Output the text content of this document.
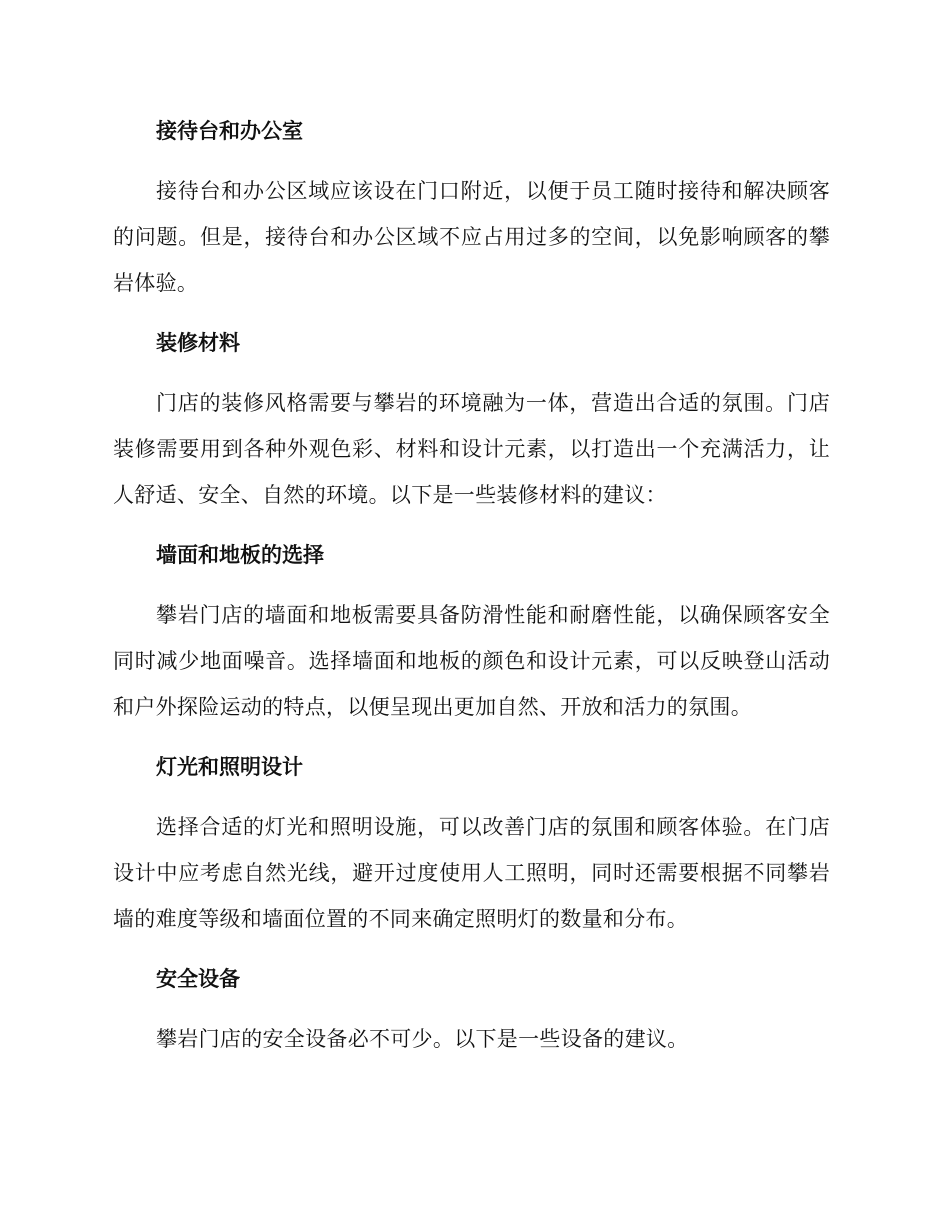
接待台和办公室

接待台和办公区域应该设在门口附近，以便于员工随时接待和解决顾客的问题。但是，接待台和办公区域不应占用过多的空间，以免影响顾客的攀岩体验。

装修材料

门店的装修风格需要与攀岩的环境融为一体，营造出合适的氛围。门店装修需要用到各种外观色彩、材料和设计元素，以打造出一个充满活力，让人舒适、安全、自然的环境。以下是一些装修材料的建议：

墙面和地板的选择

攀岩门店的墙面和地板需要具备防滑性能和耐磨性能，以确保顾客安全同时减少地面噪音。选择墙面和地板的颜色和设计元素，可以反映登山活动和户外探险运动的特点，以便呈现出更加自然、开放和活力的氛围。

灯光和照明设计

选择合适的灯光和照明设施，可以改善门店的氛围和顾客体验。在门店设计中应考虑自然光线，避开过度使用人工照明，同时还需要根据不同攀岩墙的难度等级和墙面位置的不同来确定照明灯的数量和分布。

安全设备

攀岩门店的安全设备必不可少。以下是一些设备的建议。
